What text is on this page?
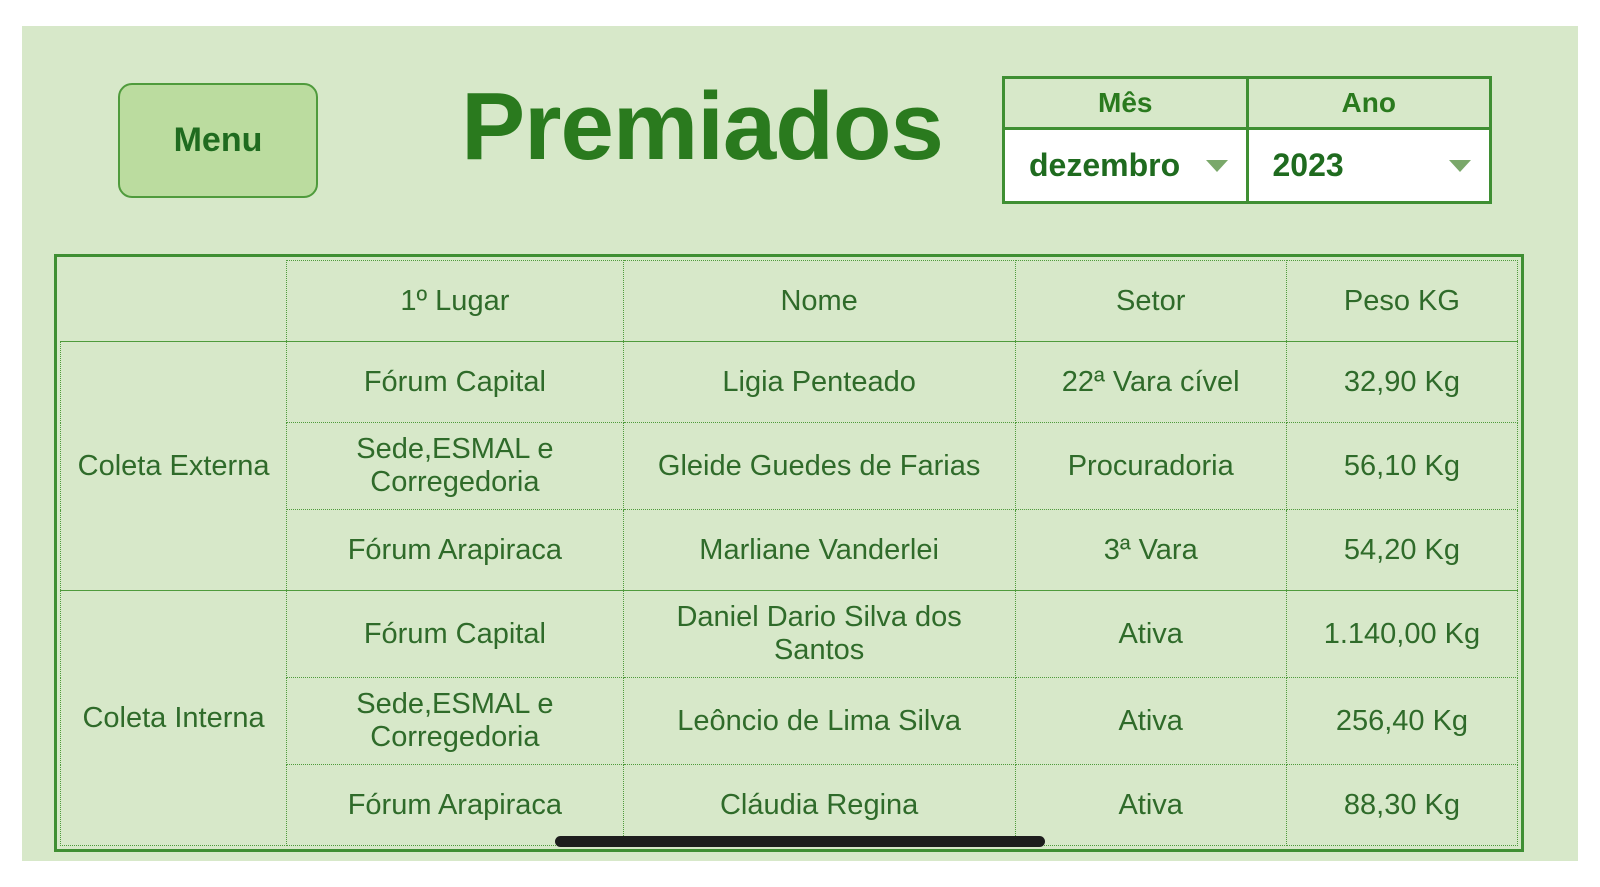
Menu	Premiados	Mês
dezembro
Ano
2023
	1º Lugar	Nome	Setor	Peso KG
Coleta Externa	Fórum Capital	Ligia Penteado	22ª Vara cível	32,90 Kg
	Sede,ESMAL e Corregedoria	Gleide Guedes de Farias	Procuradoria	56,10 Kg
	Fórum Arapiraca	Marliane Vanderlei	3ª Vara	54,20 Kg
Coleta Interna	Fórum Capital	Daniel Dario Silva dos Santos	Ativa	1.140,00 Kg
	Sede,ESMAL e Corregedoria	Leôncio de Lima Silva	Ativa	256,40 Kg
	Fórum Arapiraca	Cláudia Regina	Ativa	88,30 Kg
